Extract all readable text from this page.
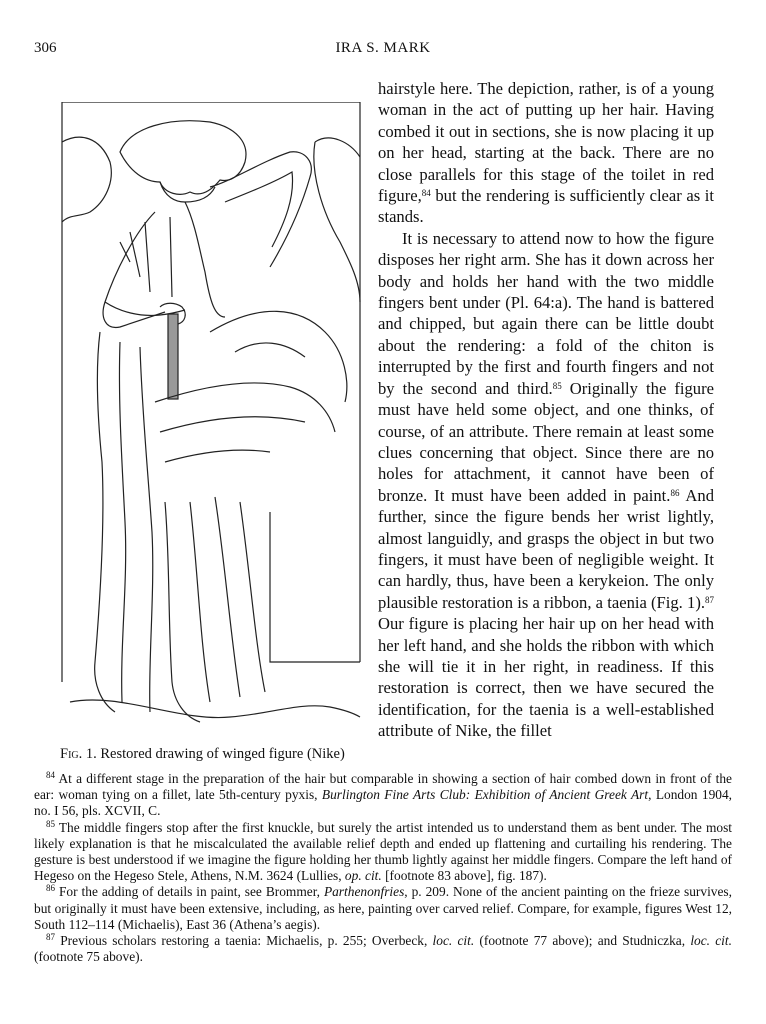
306	IRA S. MARK
Fig. 1. Restored drawing of winged figure (Nike)

hairstyle here. The depiction, rather, is of a young woman in the act of putting up her hair. Having combed it out in sections, she is now placing it up on her head, starting at the back. There are no close parallels for this stage of the toilet in red figure,$^{84}$ but the rendering is sufficiently clear as it stands.

It is necessary to attend now to how the figure disposes her right arm. She has it down across her body and holds her hand with the two middle fingers bent under (Pl. 64:a). The hand is battered and chipped, but again there can be little doubt about the rendering: a fold of the chiton is interrupted by the first and fourth fingers and not by the second and third.$^{85}$ Originally the figure must have held some object, and one thinks, of course, of an attribute. There remain at least some clues concerning that object. Since there are no holes for attachment, it cannot have been of bronze. It must have been added in paint.$^{86}$ And further, since the figure bends her wrist lightly, almost languidly, and grasps the object in but two fingers, it must have been of negligible weight. It can hardly, thus, have been a kerykeion. The only plausible restoration is a ribbon, a taenia (Fig. 1).$^{87}$ Our figure is placing her hair up on her head with her left hand, and she holds the ribbon with which she will tie it in her right, in readiness. If this restoration is correct, then we have secured the identification, for the taenia is a well-established attribute of Nike, the fillet

$^{84}$ At a different stage in the preparation of the hair but comparable in showing a section of hair combed down in front of the ear: woman tying on a fillet, late 5th-century pyxis, Burlington Fine Arts Club: Exhibition of Ancient Greek Art, London 1904, no. I 56, pls. XCVII, C.

$^{85}$ The middle fingers stop after the first knuckle, but surely the artist intended us to understand them as bent under. The most likely explanation is that he miscalculated the available relief depth and ended up flattening and curtailing his rendering. The gesture is best understood if we imagine the figure holding her thumb lightly against her middle fingers. Compare the left hand of Hegeso on the Hegeso Stele, Athens, N.M. 3624 (Lullies, op. cit. [footnote 83 above], fig. 187).

$^{86}$ For the adding of details in paint, see Brommer, Parthenonfries, p. 209. None of the ancient painting on the frieze survives, but originally it must have been extensive, including, as here, painting over carved relief. Compare, for example, figures West 12, South 112–114 (Michaelis), East 36 (Athena’s aegis).

$^{87}$ Previous scholars restoring a taenia: Michaelis, p. 255; Overbeck, loc. cit. (footnote 77 above); and Studniczka, loc. cit. (footnote 75 above).
